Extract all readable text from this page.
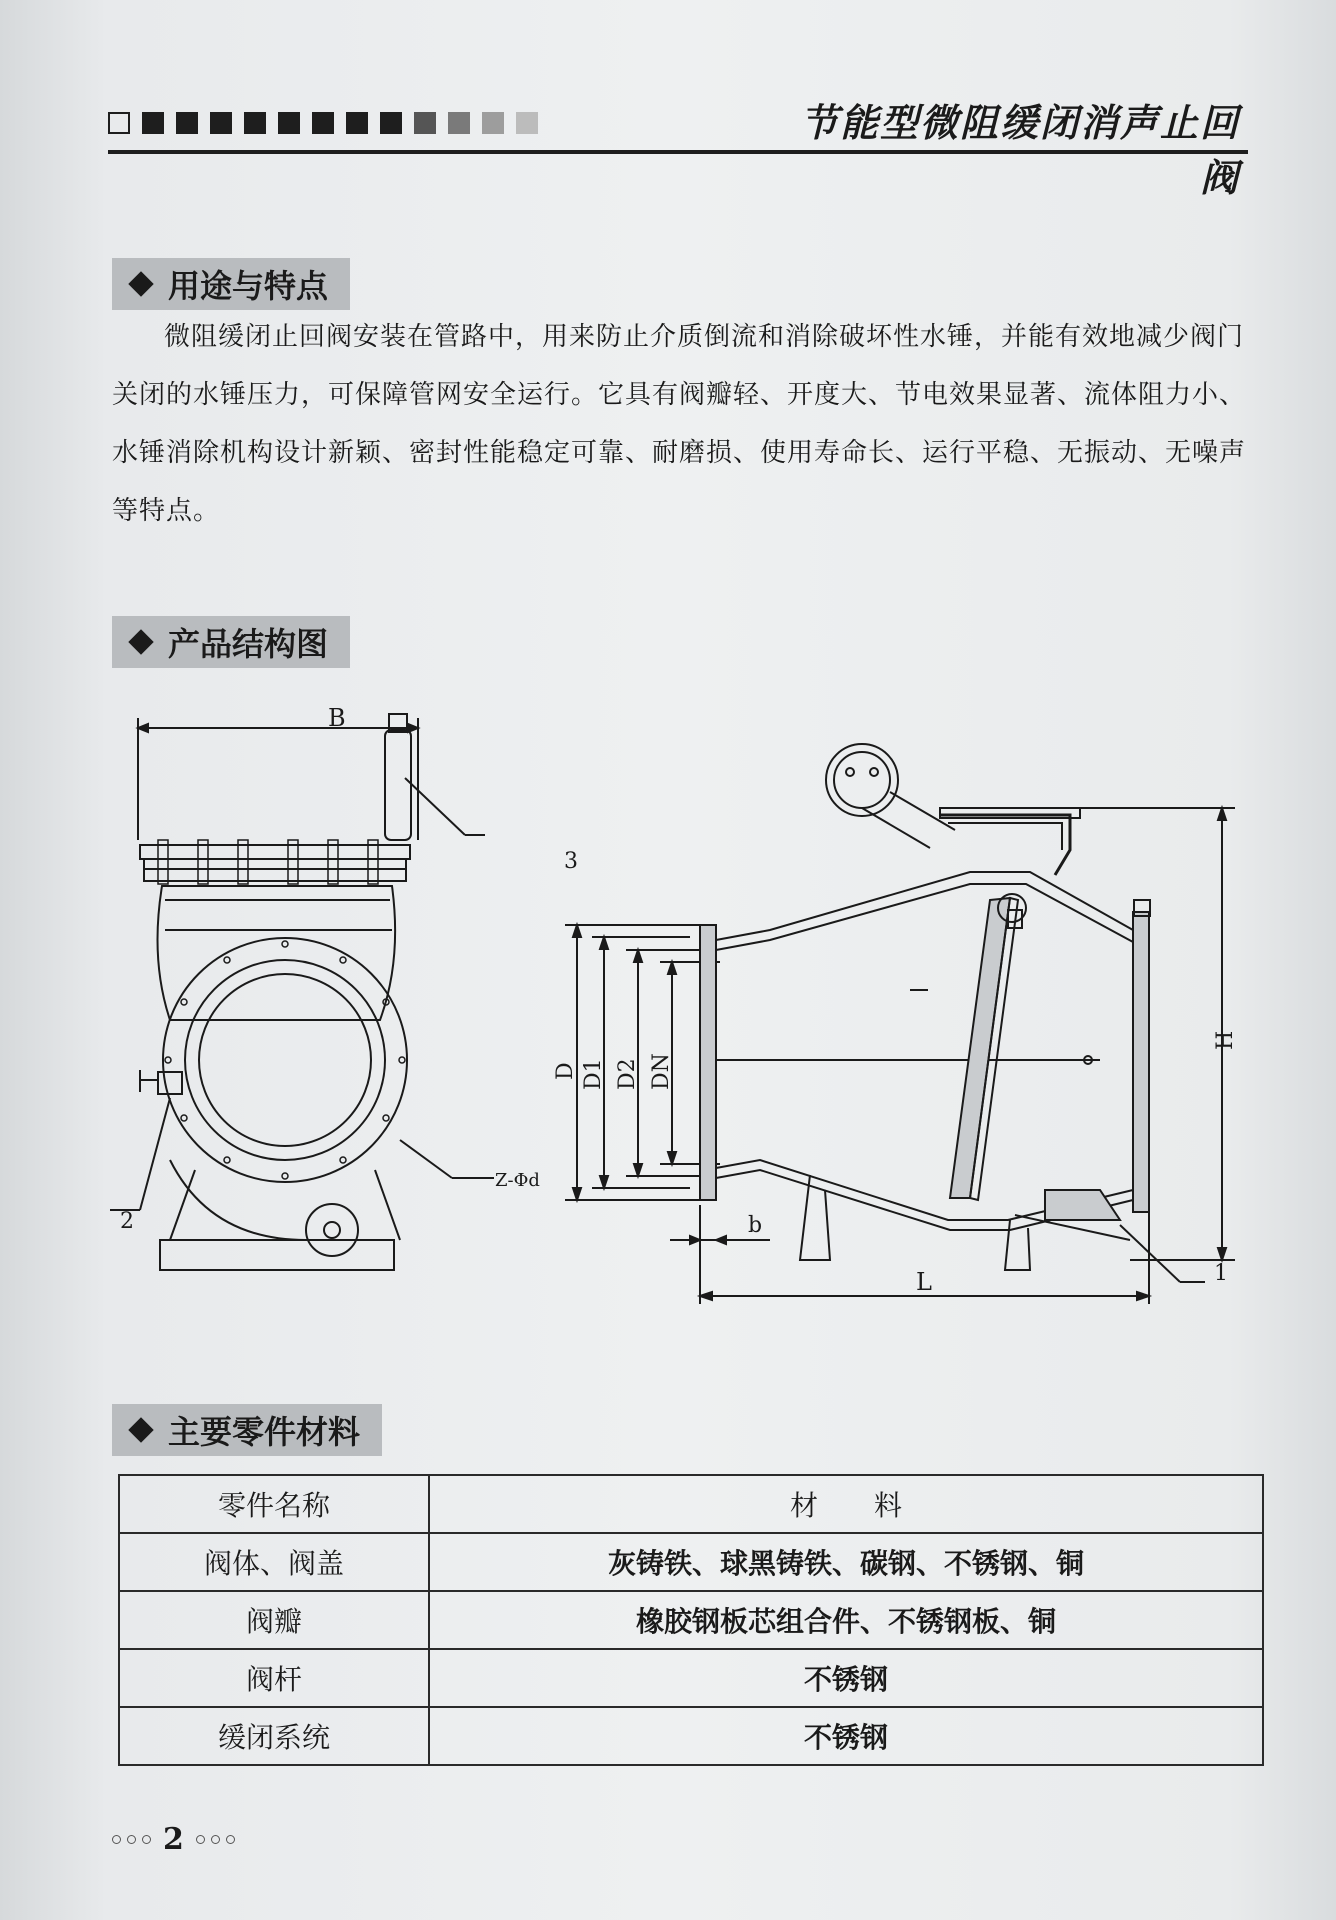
节能型微阻缓闭消声止回阀
用途与特点
微阻缓闭止回阀安装在管路中，用来防止介质倒流和消除破坏性水锤，并能有效地减少阀门关闭的水锤压力，可保障管网安全运行。它具有阀瓣轻、开度大、节电效果显著、流体阻力小、水锤消除机构设计新颖、密封性能稳定可靠、耐磨损、使用寿命长、运行平稳、无振动、无噪声等特点。
产品结构图
B
3
2
Z-Φd
D D1 D2 DN
H
L
b
1
主要零件材料
零件名称	材　　料
阀体、阀盖	灰铸铁、球黑铸铁、碳钢、不锈钢、铜
阀瓣	橡胶钢板芯组合件、不锈钢板、铜
阀杆	不锈钢
缓闭系统	不锈钢
2
